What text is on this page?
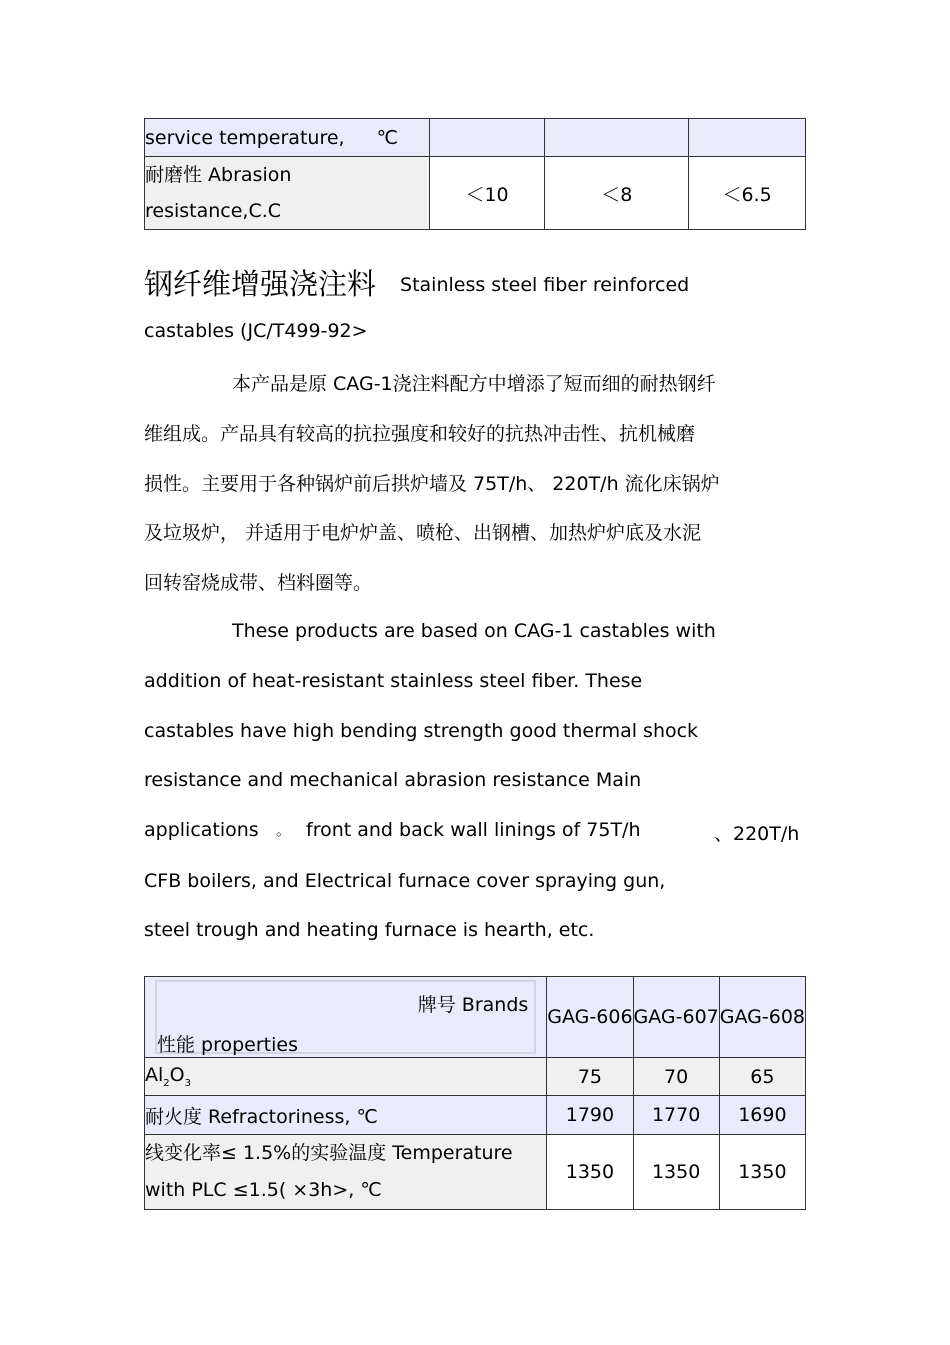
service temperature, ℃			

耐磨性 Abrasion
resistance,C.C	＜10	＜8	＜6.5
钢纤维增强浇注料 Stainless steel fiber reinforced
castables (JC/T499-92>
本产品是原 CAG-1浇注料配方中增添了短而细的耐热钢纤
维组成。产品具有较高的抗拉强度和较好的抗热冲击性、抗机械磨
损性。主要用于各种锅炉前后拱炉墙及 75T/h、 220T/h 流化床锅炉
及垃圾炉， 并适用于电炉炉盖、喷枪、出钢槽、加热炉炉底及水泥
回转窑烧成带、档料圈等。
These products are based on CAG-1 castables with
addition of heat-resistant stainless steel fiber. These
castables have high bending strength good thermal shock
resistance and mechanical abrasion resistance Main
applications 。 front and back wall linings of 75T/h	、220T/h
CFB boilers, and Electrical furnace cover spraying gun,
steel trough and heating furnace is hearth, etc.
牌号 Brands
性能 properties	GAG-606	GAG-607	GAG-608
$Al_2O_3$	75	70	65
耐火度 Refractoriness, ℃	1790	1770	1690

线变化率≤ 1.5%的实验温度 Temperature
with PLC ≤1.5( ×3h>, ℃	1350	1350	1350
